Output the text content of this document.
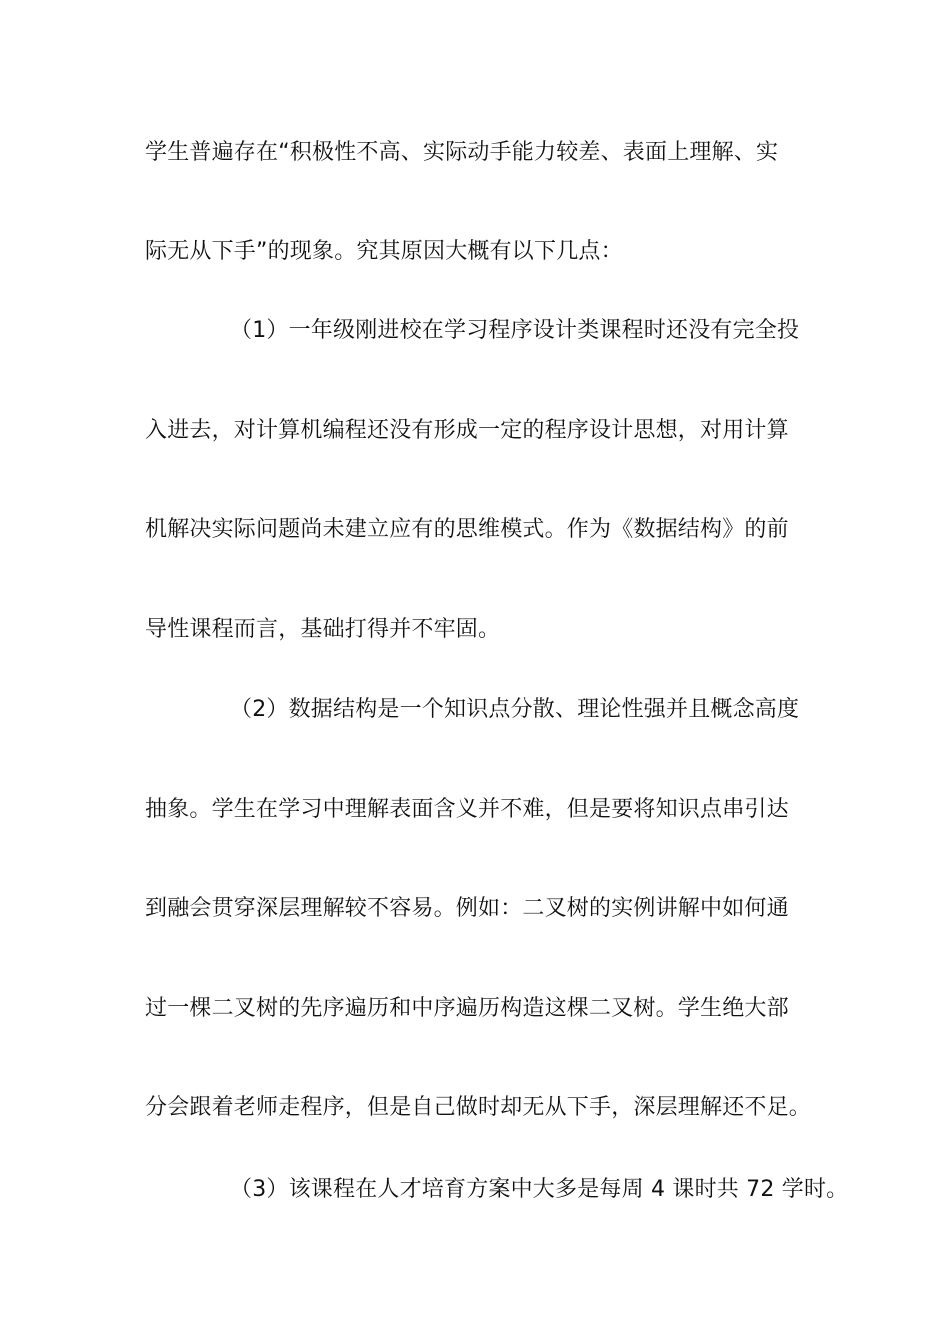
学生普遍存在“积极性不高、实际动手能力较差、表面上理解、实
际无从下手”的现象。究其原因大概有以下几点：
（1）一年级刚进校在学习程序设计类课程时还没有完全投
入进去，对计算机编程还没有形成一定的程序设计思想，对用计算
机解决实际问题尚未建立应有的思维模式。作为《数据结构》的前
导性课程而言，基础打得并不牢固。
（2）数据结构是一个知识点分散、理论性强并且概念高度
抽象。学生在学习中理解表面含义并不难，但是要将知识点串引达
到融会贯穿深层理解较不容易。例如：二叉树的实例讲解中如何通
过一棵二叉树的先序遍历和中序遍历构造这棵二叉树。学生绝大部
分会跟着老师走程序，但是自己做时却无从下手，深层理解还不足。
（3）该课程在人才培育方案中大多是每周 4 课时共 72 学时。
